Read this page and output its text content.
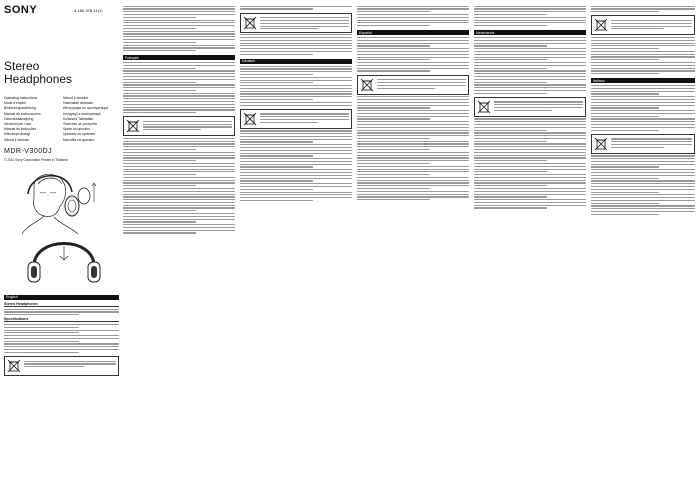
SONY	4-180-378-11(1)
Stereo
Headphones
Operating Instructions
Mode d'emploi
Bedienungsanleitung
Manual de instrucciones
Gebruiksaanwijzing
Istruzioni per l'uso
Manual de instruções
Instrukcja obsługi
Návod k obsluze
Návod k obsluhe
Használati útmutató
Инструкция по эксплуатации
Інструкції з експлуатації
Kullanma Talimatları
Упатство за употреба
Upute za uporabu
Uputstvo za upotrebu
Navodila za uporabo
MDR-V300DJ
© 2010 Sony Corporation Printed in Thailand
English
Stereo Headphones
Specifications
Français
Deutsch
Español	Nederlands
Italiano
